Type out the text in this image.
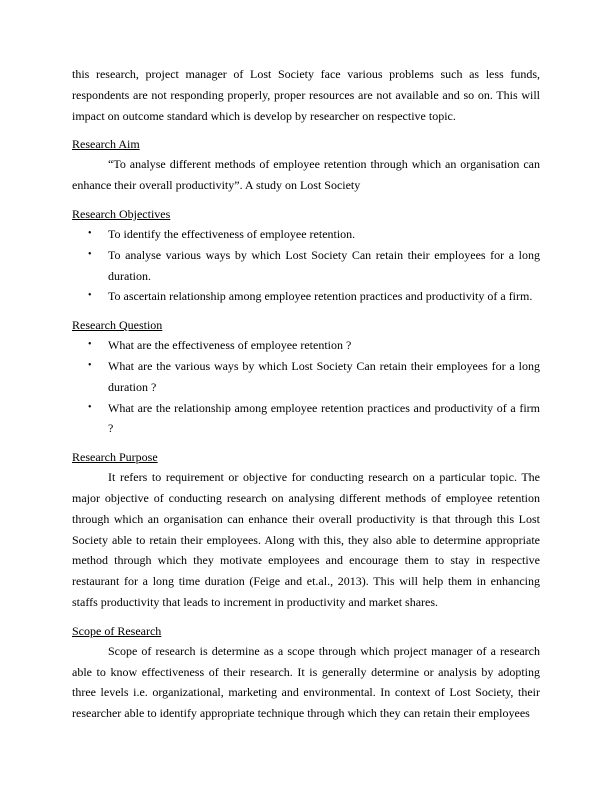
this research, project manager of Lost Society face various problems such as less funds, respondents are not responding properly, proper resources are not available and so on. This will impact on outcome standard which is develop by researcher on respective topic.

Research Aim

“To analyse different methods of employee retention through which an organisation can enhance their overall productivity”. A study on Lost Society

Research Objectives
• To identify the effectiveness of employee retention.
• To analyse various ways by which Lost Society Can retain their employees for a long duration.
• To ascertain relationship among employee retention practices and productivity of a firm.
Research Question
• What are the effectiveness of employee retention ?
• What are the various ways by which Lost Society Can retain their employees for a long duration ?
• What are the relationship among employee retention practices and productivity of a firm ?
Research Purpose

It refers to requirement or objective for conducting research on a particular topic. The major objective of conducting research on analysing different methods of employee retention through which an organisation can enhance their overall productivity is that through this Lost Society able to retain their employees. Along with this, they also able to determine appropriate method through which they motivate employees and encourage them to stay in respective restaurant for a long time duration (Feige and et.al., 2013). This will help them in enhancing staffs productivity that leads to increment in productivity and market shares.

Scope of Research

Scope of research is determine as a scope through which project manager of a research able to know effectiveness of their research. It is generally determine or analysis by adopting three levels i.e. organizational, marketing and environmental. In context of Lost Society, their researcher able to identify appropriate technique through which they can retain their employees
